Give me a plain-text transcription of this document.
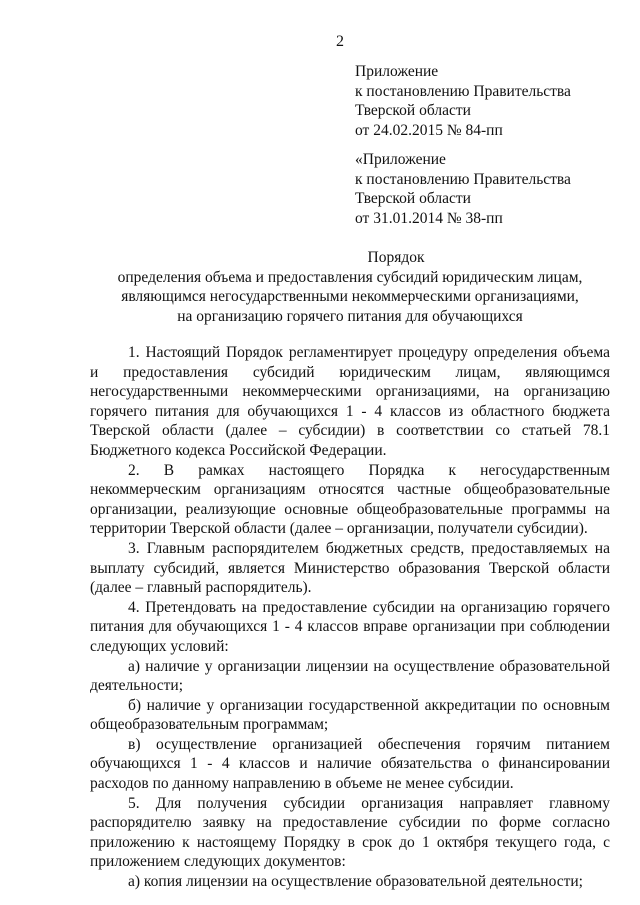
2
Приложение
к постановлению Правительства
Тверской области
от 24.02.2015 № 84-пп
«Приложение
к постановлению Правительства
Тверской области
от 31.01.2014 № 38-пп
Порядок
определения объема и предоставления субсидий юридическим лицам,
являющимся негосударственными некоммерческими организациями,
на организацию горячего питания для обучающихся
1. Настоящий Порядок регламентирует процедуру определения объема
и предоставления субсидий юридическим лицам, являющимся
негосударственными некоммерческими организациями, на организацию
горячего питания для обучающихся 1 - 4 классов из областного бюджета
Тверской области (далее – субсидии) в соответствии со статьей 78.1
Бюджетного кодекса Российской Федерации.
2. В рамках настоящего Порядка к негосударственным
некоммерческим организациям относятся частные общеобразовательные
организации, реализующие основные общеобразовательные программы на
территории Тверской области (далее – организации, получатели субсидии).
3. Главным распорядителем бюджетных средств, предоставляемых на
выплату субсидий, является Министерство образования Тверской области
(далее – главный распорядитель).
4. Претендовать на предоставление субсидии на организацию горячего
питания для обучающихся 1 - 4 классов вправе организации при соблюдении
следующих условий:
а) наличие у организации лицензии на осуществление образовательной
деятельности;
б) наличие у организации государственной аккредитации по основным
общеобразовательным программам;
в) осуществление организацией обеспечения горячим питанием
обучающихся 1 - 4 классов и наличие обязательства о финансировании
расходов по данному направлению в объеме не менее субсидии.
5. Для получения субсидии организация направляет главному
распорядителю заявку на предоставление субсидии по форме согласно
приложению к настоящему Порядку в срок до 1 октября текущего года, с
приложением следующих документов:
а) копия лицензии на осуществление образовательной деятельности;
